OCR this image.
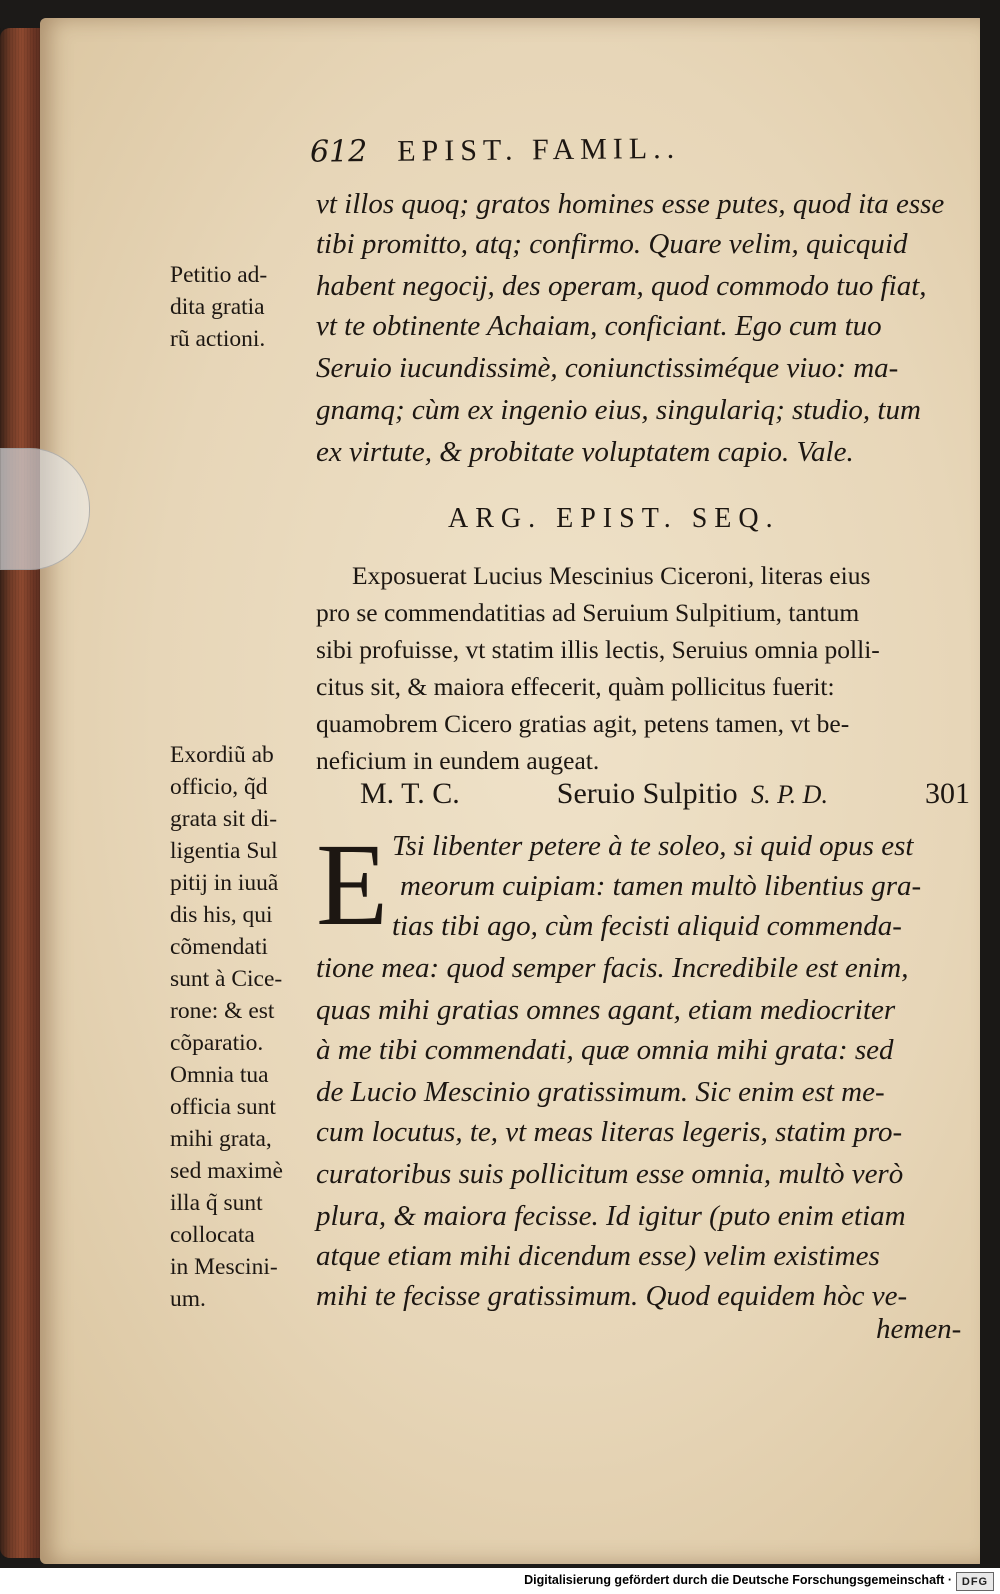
612 EPIST. FAMIL..
vt illos quoq; gratos homines esse putes, quod ita esse
tibi promitto, atq; confirmo. Quare velim, quicquid
habent negocij, des operam, quod commodo tuo fiat,
vt te obtinente Achaiam, conficiant. Ego cum tuo
Seruio iucundissimè, coniunctissiméque viuo: ma-
gnamq; cùm ex ingenio eius, singulariq; studio, tum
ex virtute, & probitate voluptatem capio. Vale.
Petitio ad-
dita gratia
rũ actioni.
ARG. EPIST. SEQ.
Exposuerat Lucius Mescinius Ciceroni, literas eius
pro se commendatitias ad Seruium Sulpitium, tantum
sibi profuisse, vt statim illis lectis, Seruius omnia polli-
citus sit, & maiora effecerit, quàm pollicitus fuerit:
quamobrem Cicero gratias agit, petens tamen, vt be-
neficium in eundem augeat.
Exordiũ ab
officio, q̃d
grata sit di-
ligentia Sul
pitij in iuuã
dis his, qui
cõmendati
sunt à Cice-
rone: & est
cõparatio.
Omnia tua
officia sunt
mihi grata,
sed maximè
illa q̃ sunt
collocata
in Mescini-
um.
M. T. C.	Seruio Sulpitio S. P. D.	301
E Tsi libenter petere à te soleo, si quid opus est
meorum cuipiam: tamen multò libentius gra-
tias tibi ago, cùm fecisti aliquid commenda-
tione mea: quod semper facis. Incredibile est enim,
quas mihi gratias omnes agant, etiam mediocriter
à me tibi commendati, quæ omnia mihi grata: sed
de Lucio Mescinio gratissimum. Sic enim est me-
cum locutus, te, vt meas literas legeris, statim pro-
curatoribus suis pollicitum esse omnia, multò verò
plura, & maiora fecisse. Id igitur (puto enim etiam
atque etiam mihi dicendum esse) velim existimes
mihi te fecisse gratissimum. Quod equidem hòc ve-
hemen-
Digitalisierung gefördert durch die Deutsche Forschungsgemeinschaft · DFG
